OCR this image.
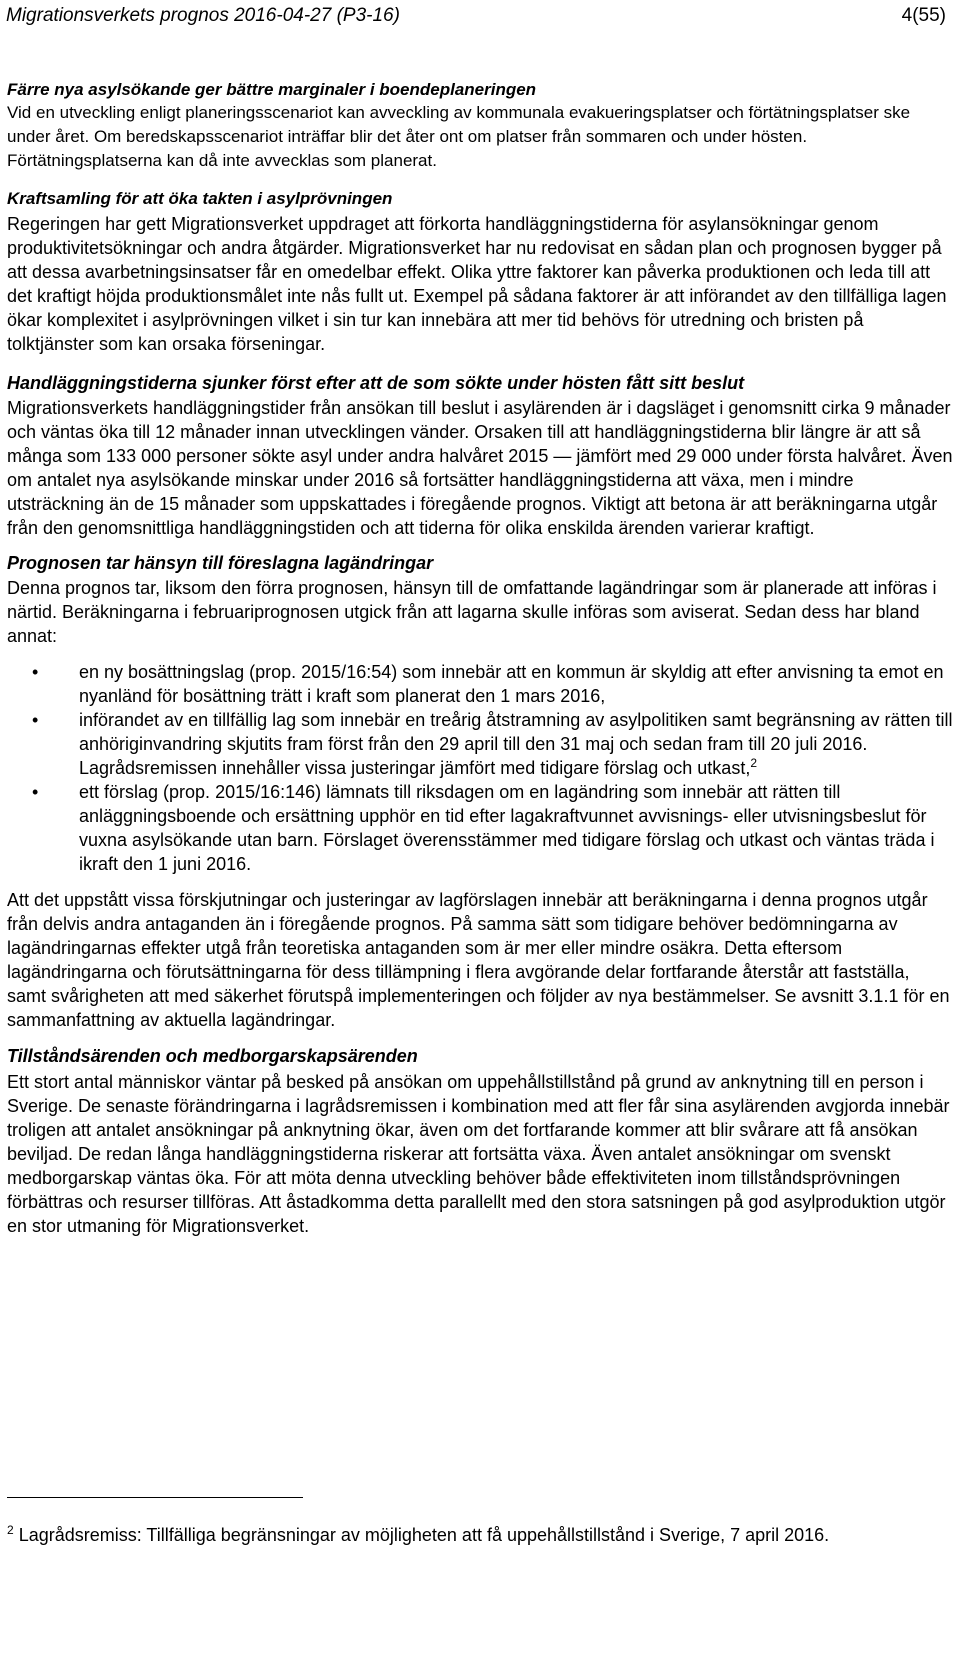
Migrationsverkets prognos 2016-04-27 (P3-16)	4(55)
Färre nya asylsökande ger bättre marginaler i boendeplaneringen

Vid en utveckling enligt planeringsscenariot kan avveckling av kommunala evakueringsplatser och förtätningsplatser ske under året. Om beredskapsscenariot inträffar blir det åter ont om platser från sommaren och under hösten. Förtätningsplatserna kan då inte avvecklas som planerat.

Kraftsamling för att öka takten i asylprövningen

Regeringen har gett Migrationsverket uppdraget att förkorta handläggningstiderna för asylansökningar genom produktivitetsökningar och andra åtgärder. Migrationsverket har nu redovisat en sådan plan och prognosen bygger på att dessa avarbetningsinsatser får en omedelbar effekt. Olika yttre faktorer kan påverka produktionen och leda till att det kraftigt höjda produktionsmålet inte nås fullt ut. Exempel på sådana faktorer är att införandet av den tillfälliga lagen ökar komplexitet i asylprövningen vilket i sin tur kan innebära att mer tid behövs för utredning och bristen på tolktjänster som kan orsaka förseningar.

Handläggningstiderna sjunker först efter att de som sökte under hösten fått sitt beslut

Migrationsverkets handläggningstider från ansökan till beslut i asylärenden är i dagsläget i genomsnitt cirka 9 månader och väntas öka till 12 månader innan utvecklingen vänder. Orsaken till att handläggningstiderna blir längre är att så många som 133 000 personer sökte asyl under andra halvåret 2015 — jämfört med 29 000 under första halvåret. Även om antalet nya asylsökande minskar under 2016 så fortsätter handläggningstiderna att växa, men i mindre utsträckning än de 15 månader som uppskattades i föregående prognos. Viktigt att betona är att beräkningarna utgår från den genomsnittliga handläggningstiden och att tiderna för olika enskilda ärenden varierar kraftigt.

Prognosen tar hänsyn till föreslagna lagändringar

Denna prognos tar, liksom den förra prognosen, hänsyn till de omfattande lagändringar som är planerade att införas i närtid. Beräkningarna i februariprognosen utgick från att lagarna skulle införas som aviserat. Sedan dess har bland annat:

• en ny bosättningslag (prop. 2015/16:54) som innebär att en kommun är skyldig att efter anvisning ta emot en nyanländ för bosättning trätt i kraft som planerat den 1 mars 2016,
• införandet av en tillfällig lag som innebär en treårig åtstramning av asylpolitiken samt begränsning av rätten till anhöriginvandring skjutits fram först från den 29 april till den 31 maj och sedan fram till 20 juli 2016. Lagrådsremissen innehåller vissa justeringar jämfört med tidigare förslag och utkast,$^2$
• ett förslag (prop. 2015/16:146) lämnats till riksdagen om en lagändring som innebär att rätten till anläggningsboende och ersättning upphör en tid efter lagakraftvunnet avvisnings- eller utvisningsbeslut för vuxna asylsökande utan barn. Förslaget överensstämmer med tidigare förslag och utkast och väntas träda i ikraft den 1 juni 2016.

Att det uppstått vissa förskjutningar och justeringar av lagförslagen innebär att beräkningarna i denna prognos utgår från delvis andra antaganden än i föregående prognos. På samma sätt som tidigare behöver bedömningarna av lagändringarnas effekter utgå från teoretiska antaganden som är mer eller mindre osäkra. Detta eftersom lagändringarna och förutsättningarna för dess tillämpning i flera avgörande delar fortfarande återstår att fastställa, samt svårigheten att med säkerhet förutspå implementeringen och följder av nya bestämmelser. Se avsnitt 3.1.1 för en sammanfattning av aktuella lagändringar.

Tillståndsärenden och medborgarskapsärenden

Ett stort antal människor väntar på besked på ansökan om uppehållstillstånd på grund av anknytning till en person i Sverige. De senaste förändringarna i lagrådsremissen i kombination med att fler får sina asylärenden avgjorda innebär troligen att antalet ansökningar på anknytning ökar, även om det fortfarande kommer att blir svårare att få ansökan beviljad. De redan långa handläggningstiderna riskerar att fortsätta växa. Även antalet ansökningar om svenskt medborgarskap väntas öka. För att möta denna utveckling behöver både effektiviteten inom tillståndsprövningen förbättras och resurser tillföras. Att åstadkomma detta parallellt med den stora satsningen på god asylproduktion utgör en stor utmaning för Migrationsverket.

$^2$ Lagrådsremiss: Tillfälliga begränsningar av möjligheten att få uppehållstillstånd i Sverige, 7 april 2016.
